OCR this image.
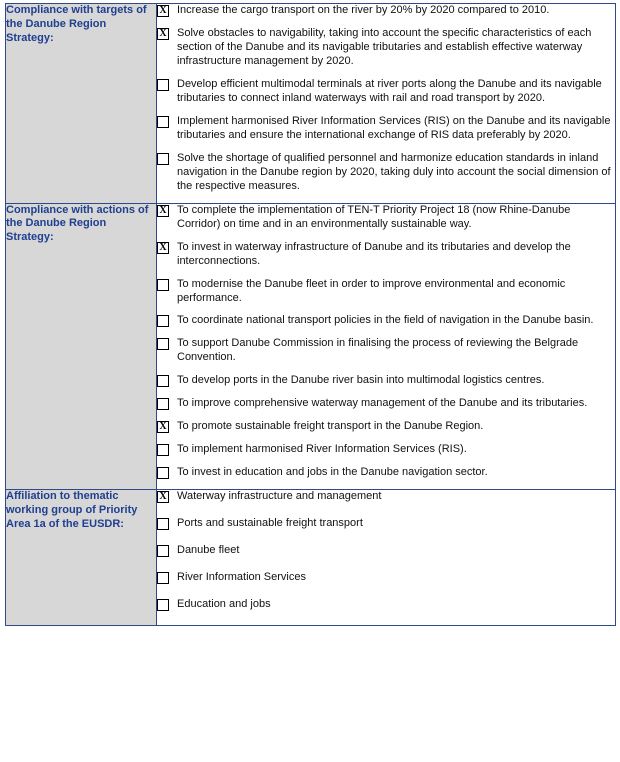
Compliance with targets of the Danube Region Strategy:

X Increase the cargo transport on the river by 20% by 2020 compared to 2010.
X Solve obstacles to navigability, taking into account the specific characteristics of each section of the Danube and its navigable tributaries and establish effective waterway infrastructure management by 2020.
Develop efficient multimodal terminals at river ports along the Danube and its navigable tributaries to connect inland waterways with rail and road transport by 2020.
Implement harmonised River Information Services (RIS) on the Danube and its navigable tributaries and ensure the international exchange of RIS data preferably by 2020.
Solve the shortage of qualified personnel and harmonize education standards in inland navigation in the Danube region by 2020, taking duly into account the social dimension of the respective measures.

Compliance with actions of the Danube Region Strategy:

X To complete the implementation of TEN-T Priority Project 18 (now Rhine-Danube Corridor) on time and in an environmentally sustainable way.
X To invest in waterway infrastructure of Danube and its tributaries and develop the interconnections.
To modernise the Danube fleet in order to improve environmental and economic performance.
To coordinate national transport policies in the field of navigation in the Danube basin.
To support Danube Commission in finalising the process of reviewing the Belgrade Convention.
To develop ports in the Danube river basin into multimodal logistics centres.
To improve comprehensive waterway management of the Danube and its tributaries.
X To promote sustainable freight transport in the Danube Region.
To implement harmonised River Information Services (RIS).
To invest in education and jobs in the Danube navigation sector.

Affiliation to thematic working group of Priority Area 1a of the EUSDR:

X Waterway infrastructure and management
Ports and sustainable freight transport
Danube fleet
River Information Services
Education and jobs
